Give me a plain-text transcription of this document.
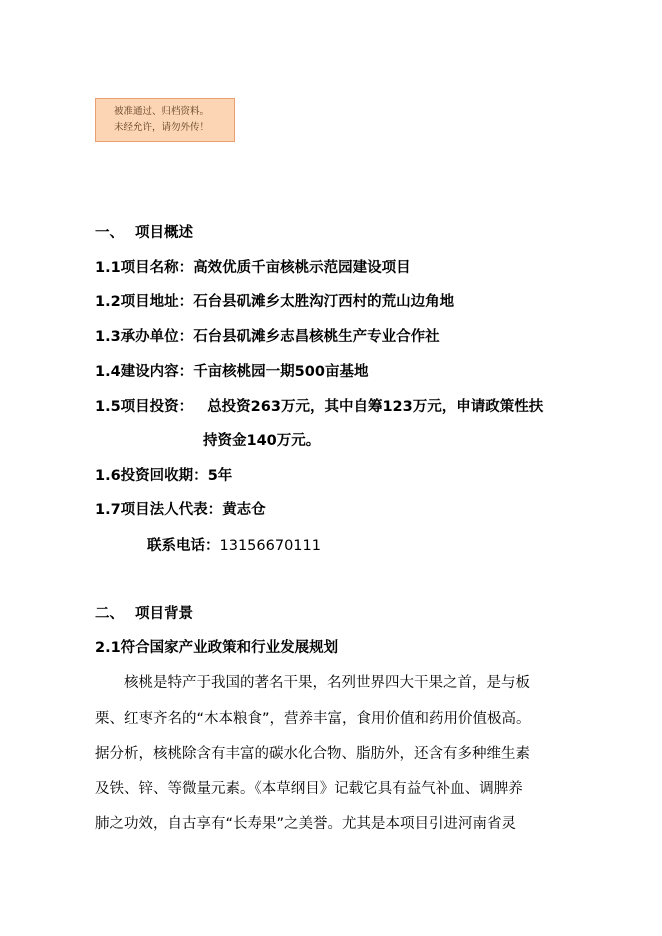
被准通过、归档资料。
未经允许，请勿外传！
一、 项目概述
1.1项目名称：高效优质千亩核桃示范园建设项目
1.2项目地址：石台县矶滩乡太胜沟汀西村的荒山边角地
1.3承办单位：石台县矶滩乡志昌核桃生产专业合作社
1.4建设内容：千亩核桃园一期500亩基地
1.5项目投资： 总投资263万元，其中自筹123万元，申请政策性扶
持资金140万元。
1.6投资回收期：5年
1.7项目法人代表：黄志仓
联系电话：13156670111
二、 项目背景
2.1符合国家产业政策和行业发展规划
核桃是特产于我国的著名干果，名列世界四大干果之首，是与板
栗、红枣齐名的“木本粮食”，营养丰富，食用价值和药用价值极高。
据分析，核桃除含有丰富的碳水化合物、脂肪外，还含有多种维生素
及铁、锌、等微量元素。《本草纲目》记载它具有益气补血、调脾养
肺之功效，自古享有“长寿果”之美誉。尤其是本项目引进河南省灵
